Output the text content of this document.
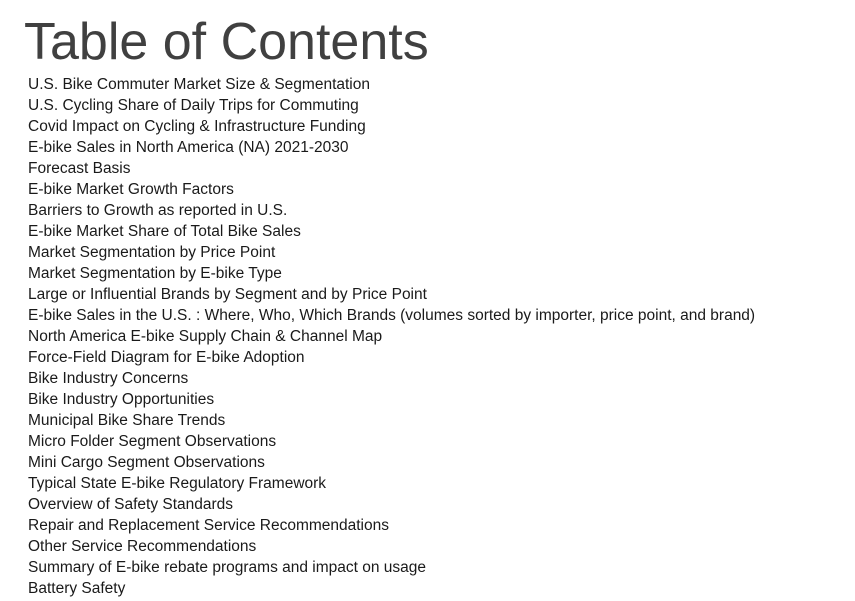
Table of Contents
U.S. Bike Commuter Market Size & Segmentation
U.S. Cycling Share of Daily Trips for Commuting
Covid Impact on Cycling & Infrastructure Funding
E-bike Sales in North America (NA) 2021-2030
Forecast Basis
E-bike Market Growth Factors
Barriers to Growth as reported in U.S.
E-bike Market Share of Total Bike Sales
Market Segmentation by Price Point
Market Segmentation by E-bike Type
Large or Influential Brands by Segment and by Price Point
E-bike Sales in the U.S. : Where, Who, Which Brands (volumes sorted by importer, price point, and brand)
North America E-bike Supply Chain & Channel Map
Force-Field Diagram for E-bike Adoption
Bike Industry Concerns
Bike Industry Opportunities
Municipal Bike Share Trends
Micro Folder Segment Observations
Mini Cargo Segment Observations
Typical State E-bike Regulatory Framework
Overview of Safety Standards
Repair and Replacement Service Recommendations
Other Service Recommendations
Summary of E-bike rebate programs and impact on usage
Battery Safety
